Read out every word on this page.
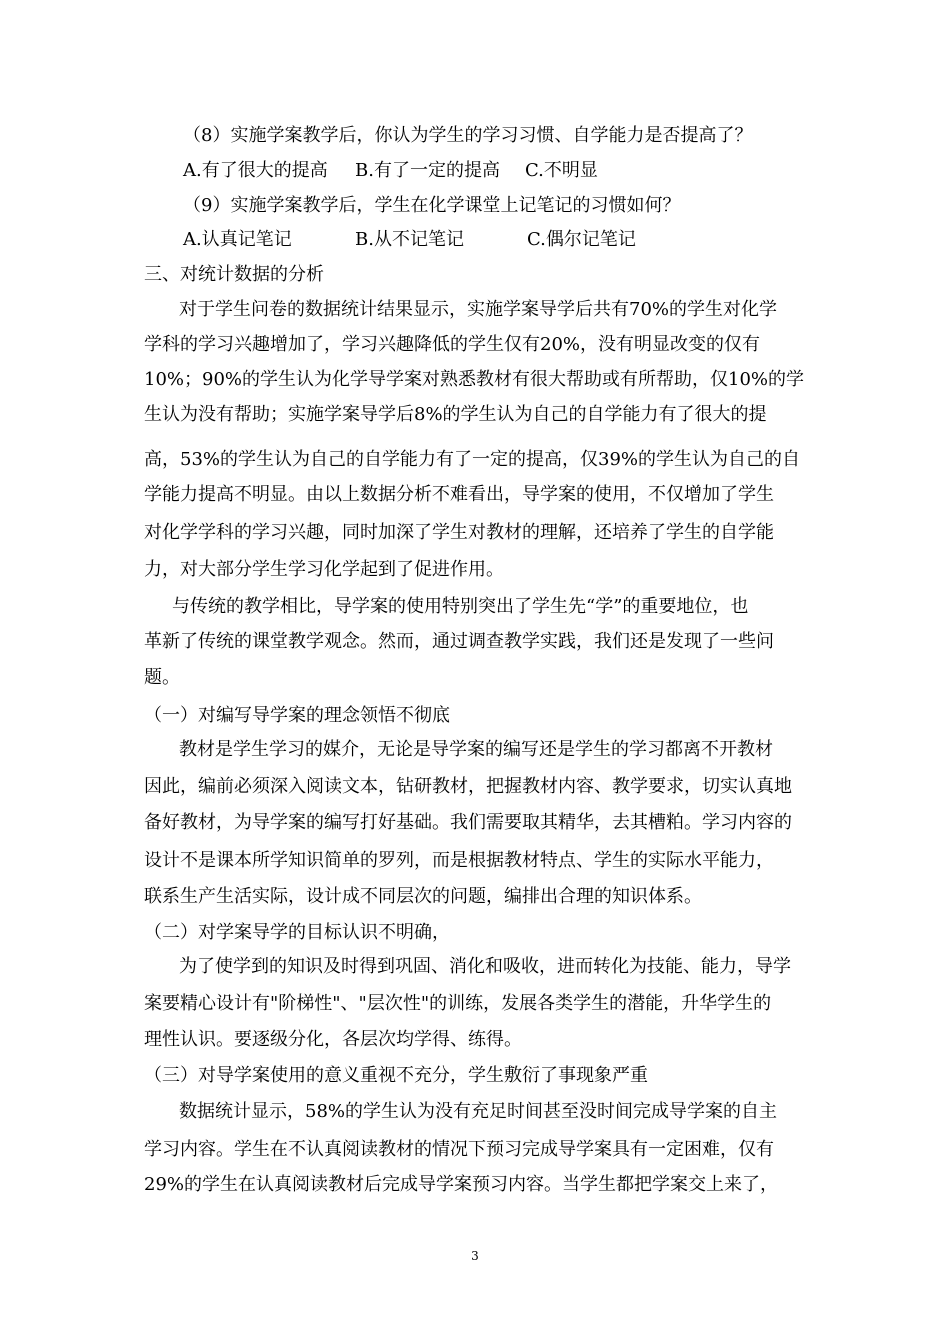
（8）实施学案教学后，你认为学生的学习习惯、自学能力是否提高了？
A.有了很大的提高 B.有了一定的提高 C.不明显
（9）实施学案教学后，学生在化学课堂上记笔记的习惯如何？
A.认真记笔记	B.从不记笔记	C.偶尔记笔记
三、对统计数据的分析
对于学生问卷的数据统计结果显示，实施学案导学后共有70%的学生对化学
学科的学习兴趣增加了，学习兴趣降低的学生仅有20%，没有明显改变的仅有
10%；90%的学生认为化学导学案对熟悉教材有很大帮助或有所帮助，仅10%的学
生认为没有帮助；实施学案导学后8%的学生认为自己的自学能力有了很大的提
高，53%的学生认为自己的自学能力有了一定的提高，仅39%的学生认为自己的自
学能力提高不明显。由以上数据分析不难看出，导学案的使用，不仅增加了学生
对化学学科的学习兴趣，同时加深了学生对教材的理解，还培养了学生的自学能
力，对大部分学生学习化学起到了促进作用。
与传统的教学相比，导学案的使用特别突出了学生先“学”的重要地位，也
革新了传统的课堂教学观念。然而，通过调查教学实践，我们还是发现了一些问
题。
（一）对编写导学案的理念领悟不彻底
教材是学生学习的媒介，无论是导学案的编写还是学生的学习都离不开教材
因此，编前必须深入阅读文本，钻研教材，把握教材内容、教学要求，切实认真地
备好教材，为导学案的编写打好基础。我们需要取其精华，去其槽粕。学习内容的
设计不是课本所学知识简单的罗列，而是根据教材特点、学生的实际水平能力，
联系生产生活实际，设计成不同层次的问题，编排出合理的知识体系。
（二）对学案导学的目标认识不明确，
为了使学到的知识及时得到巩固、消化和吸收，进而转化为技能、能力，导学
案要精心设计有"阶梯性"、"层次性"的训练，发展各类学生的潜能，升华学生的
理性认识。要逐级分化，各层次均学得、练得。
（三）对导学案使用的意义重视不充分，学生敷衍了事现象严重
数据统计显示，58%的学生认为没有充足时间甚至没时间完成导学案的自主
学习内容。学生在不认真阅读教材的情况下预习完成导学案具有一定困难，仅有
29%的学生在认真阅读教材后完成导学案预习内容。当学生都把学案交上来了，
3
